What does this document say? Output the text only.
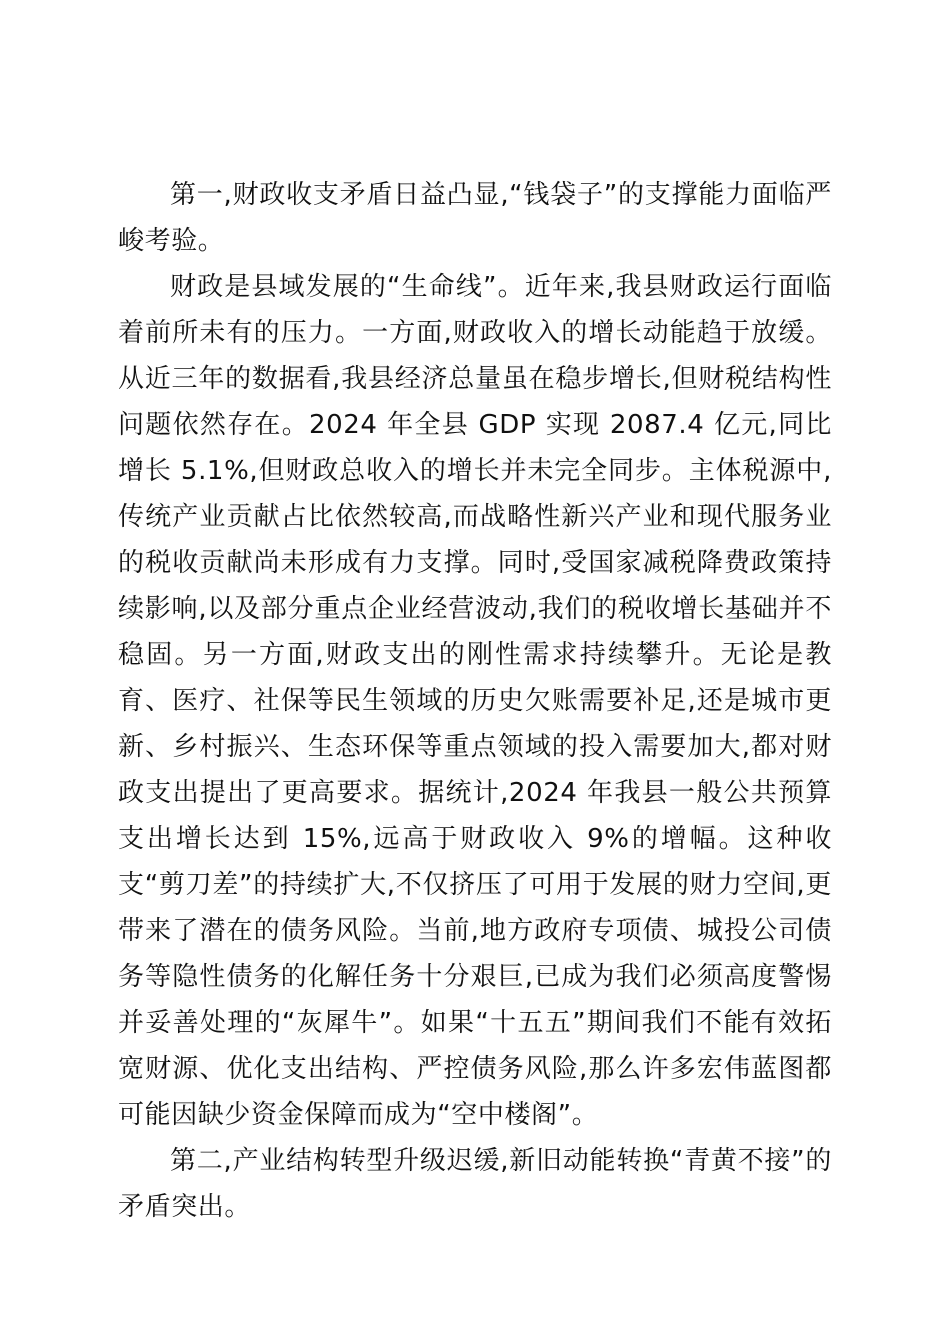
第一,财政收支矛盾日益凸显,“钱袋子”的支撑能力面临严峻考验。

财政是县域发展的“生命线”。近年来,我县财政运行面临着前所未有的压力。一方面,财政收入的增长动能趋于放缓。从近三年的数据看,我县经济总量虽在稳步增长,但财税结构性问题依然存在。2024 年全县 GDP 实现 2087.4 亿元,同比增长 5.1%,但财政总收入的增长并未完全同步。主体税源中,传统产业贡献占比依然较高,而战略性新兴产业和现代服务业的税收贡献尚未形成有力支撑。同时,受国家减税降费政策持续影响,以及部分重点企业经营波动,我们的税收增长基础并不稳固。另一方面,财政支出的刚性需求持续攀升。无论是教育、医疗、社保等民生领域的历史欠账需要补足,还是城市更新、乡村振兴、生态环保等重点领域的投入需要加大,都对财政支出提出了更高要求。据统计,2024 年我县一般公共预算支出增长达到 15%,远高于财政收入 9%的增幅。这种收支“剪刀差”的持续扩大,不仅挤压了可用于发展的财力空间,更带来了潜在的债务风险。当前,地方政府专项债、城投公司债务等隐性债务的化解任务十分艰巨,已成为我们必须高度警惕并妥善处理的“灰犀牛”。如果“十五五”期间我们不能有效拓宽财源、优化支出结构、严控债务风险,那么许多宏伟蓝图都可能因缺少资金保障而成为“空中楼阁”。

第二,产业结构转型升级迟缓,新旧动能转换“青黄不接”的矛盾突出。
